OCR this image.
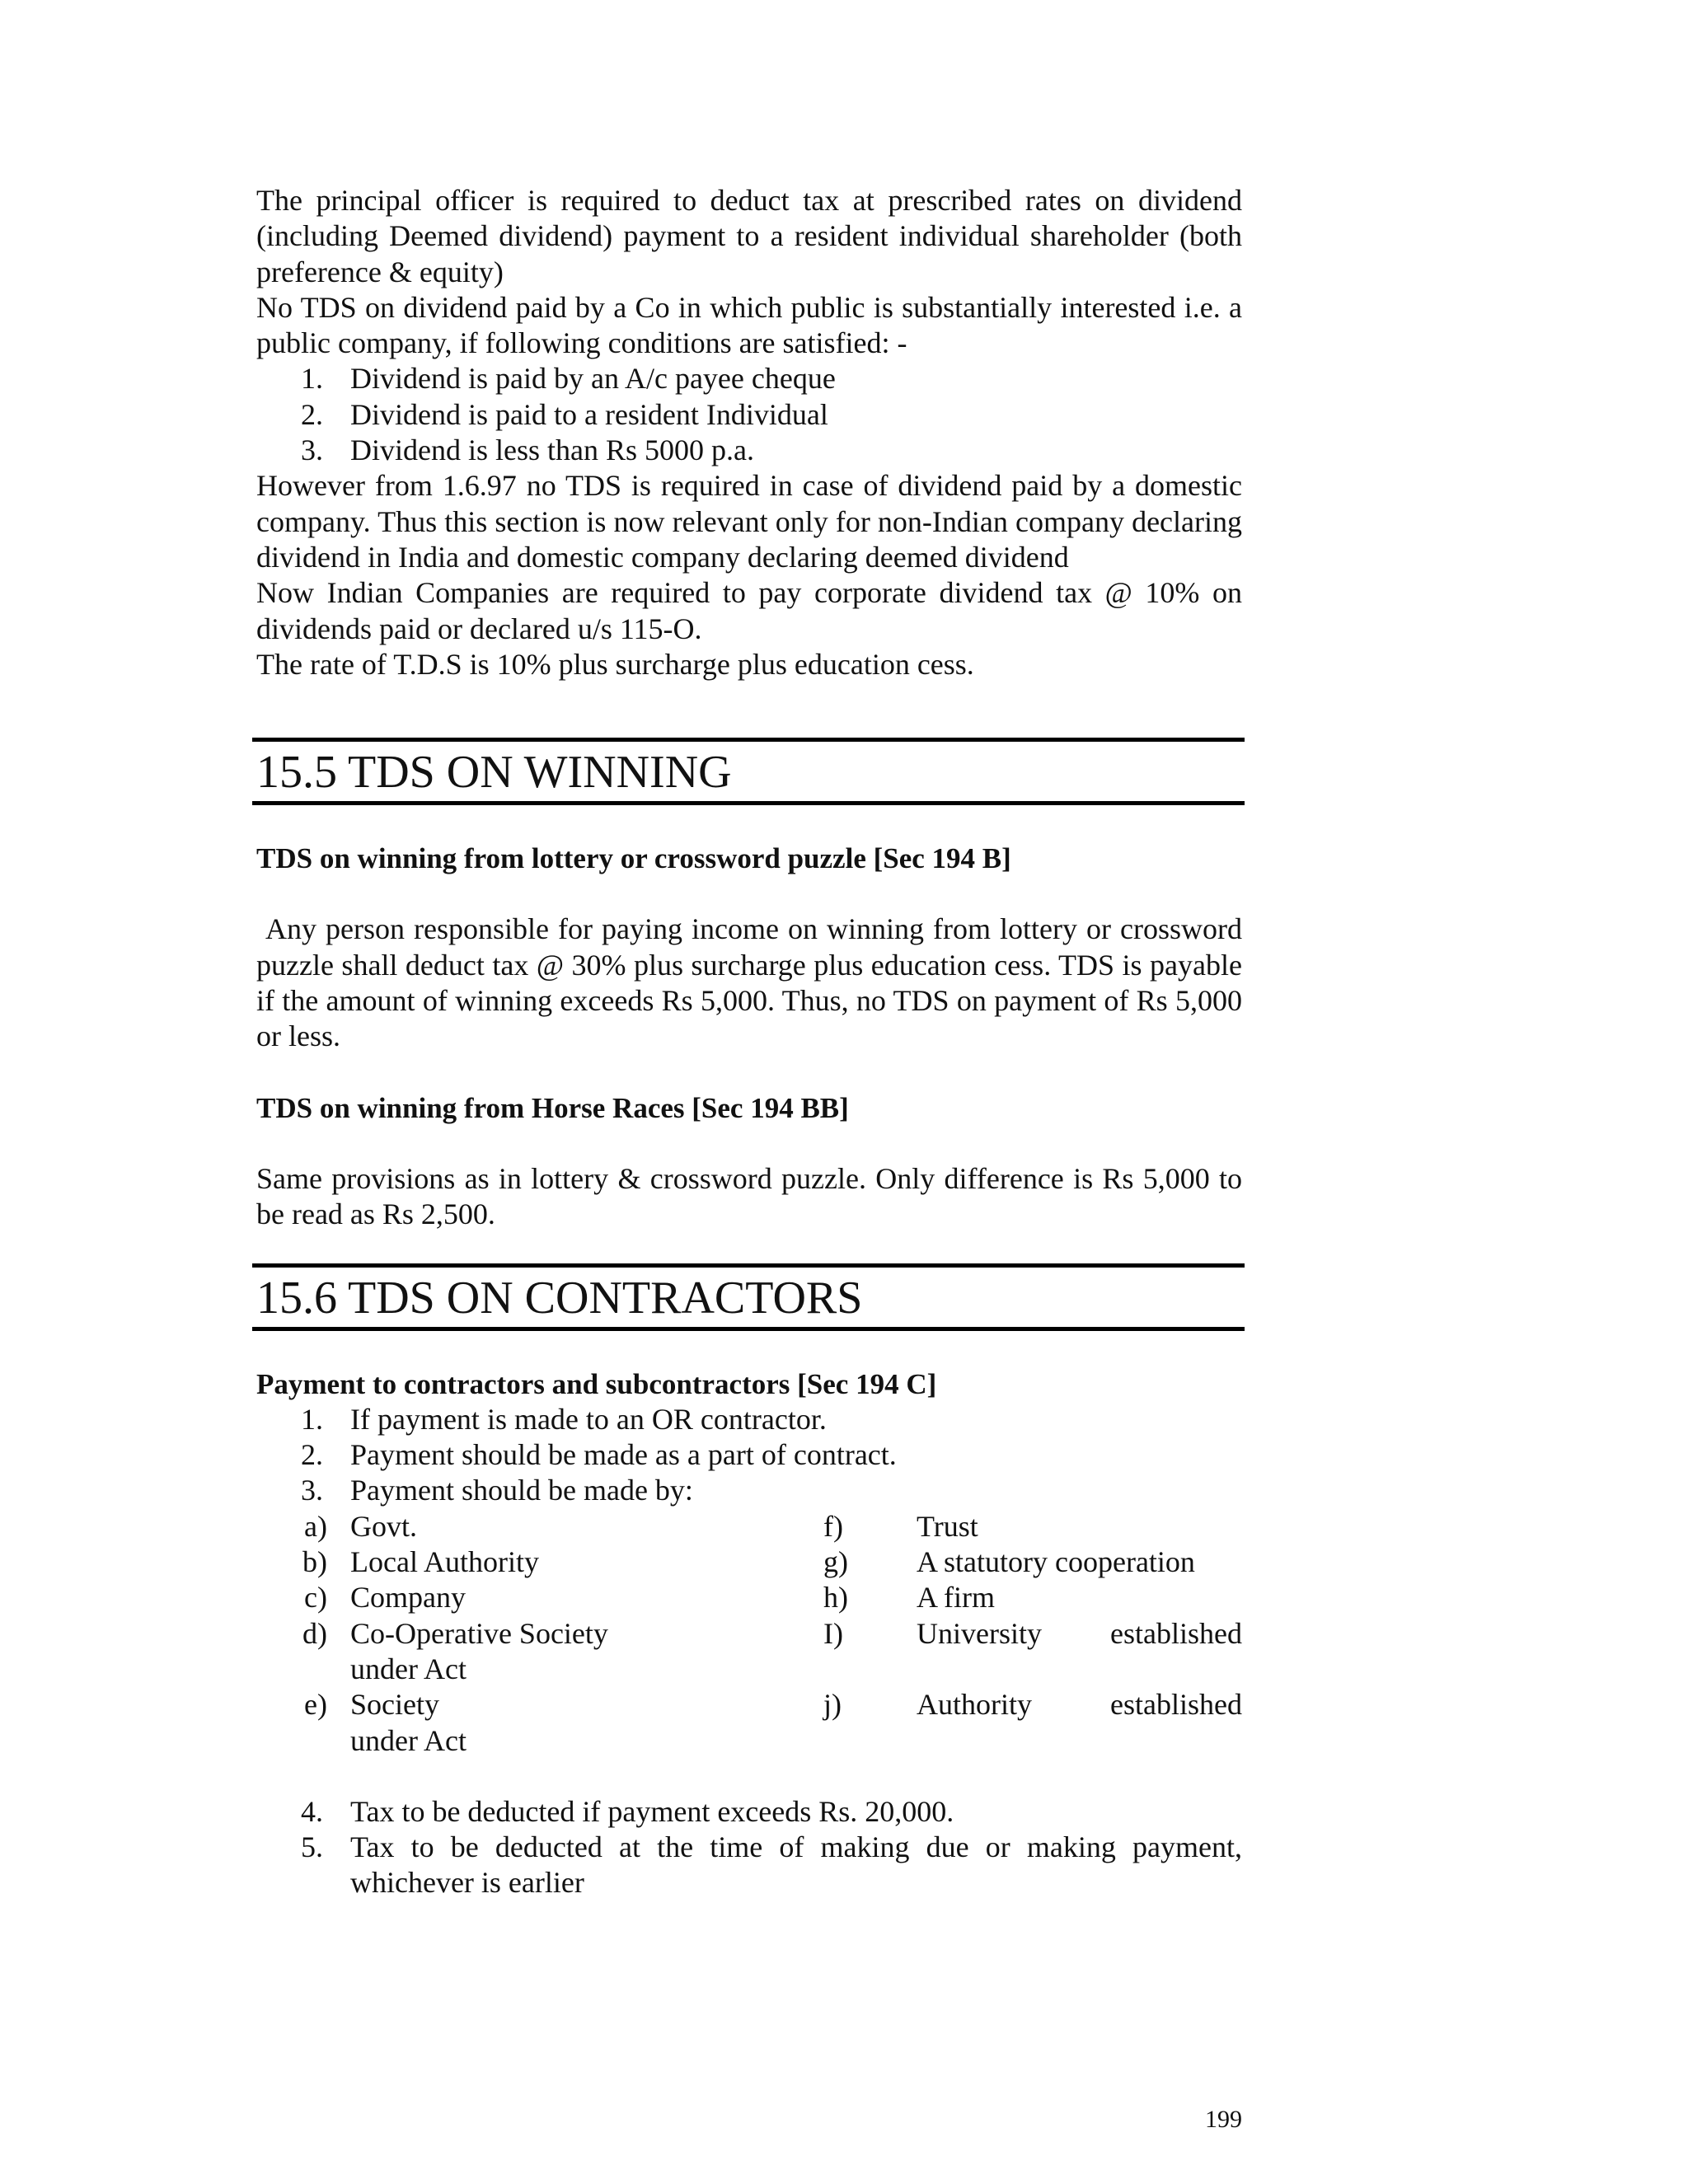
The principal officer is required to deduct tax at prescribed rates on dividend (including Deemed dividend) payment to a resident individual shareholder (both preference & equity)

No TDS on dividend paid by a Co in which public is substantially interested i.e. a public company, if following conditions are satisfied: -

1. Dividend is paid by an A/c payee cheque
2. Dividend is paid to a resident Individual
3. Dividend is less than Rs 5000 p.a.

However from 1.6.97 no TDS is required in case of dividend paid by a domestic company. Thus this section is now relevant only for non-Indian company declaring dividend in India and domestic company declaring deemed dividend

Now Indian Companies are required to pay corporate dividend tax @ 10% on dividends paid or declared u/s 115-O.

The rate of T.D.S is 10% plus surcharge plus education cess.

15.5 TDS ON WINNING

TDS on winning from lottery or crossword puzzle [Sec 194 B]

Any person responsible for paying income on winning from lottery or crossword puzzle shall deduct tax @ 30% plus surcharge plus education cess. TDS is payable if the amount of winning exceeds Rs 5,000. Thus, no TDS on payment of Rs 5,000 or less.

TDS on winning from Horse Races [Sec 194 BB]

Same provisions as in lottery & crossword puzzle. Only difference is Rs 5,000 to be read as Rs 2,500.

15.6 TDS ON CONTRACTORS

Payment to contractors and subcontractors [Sec 194 C]

1. If payment is made to an OR contractor.
2. Payment should be made as a part of contract.
3. Payment should be made by:
a) Govt.	f)	Trust
b) Local Authority	g)	A statutory cooperation
c) Company	h)	A firm
d) Co-Operative Society	I)	University established
under Act
e) Society	j)	Authority established
under Act
4. Tax to be deducted if payment exceeds Rs. 20,000.
5. Tax to be deducted at the time of making due or making payment, whichever is earlier
199
